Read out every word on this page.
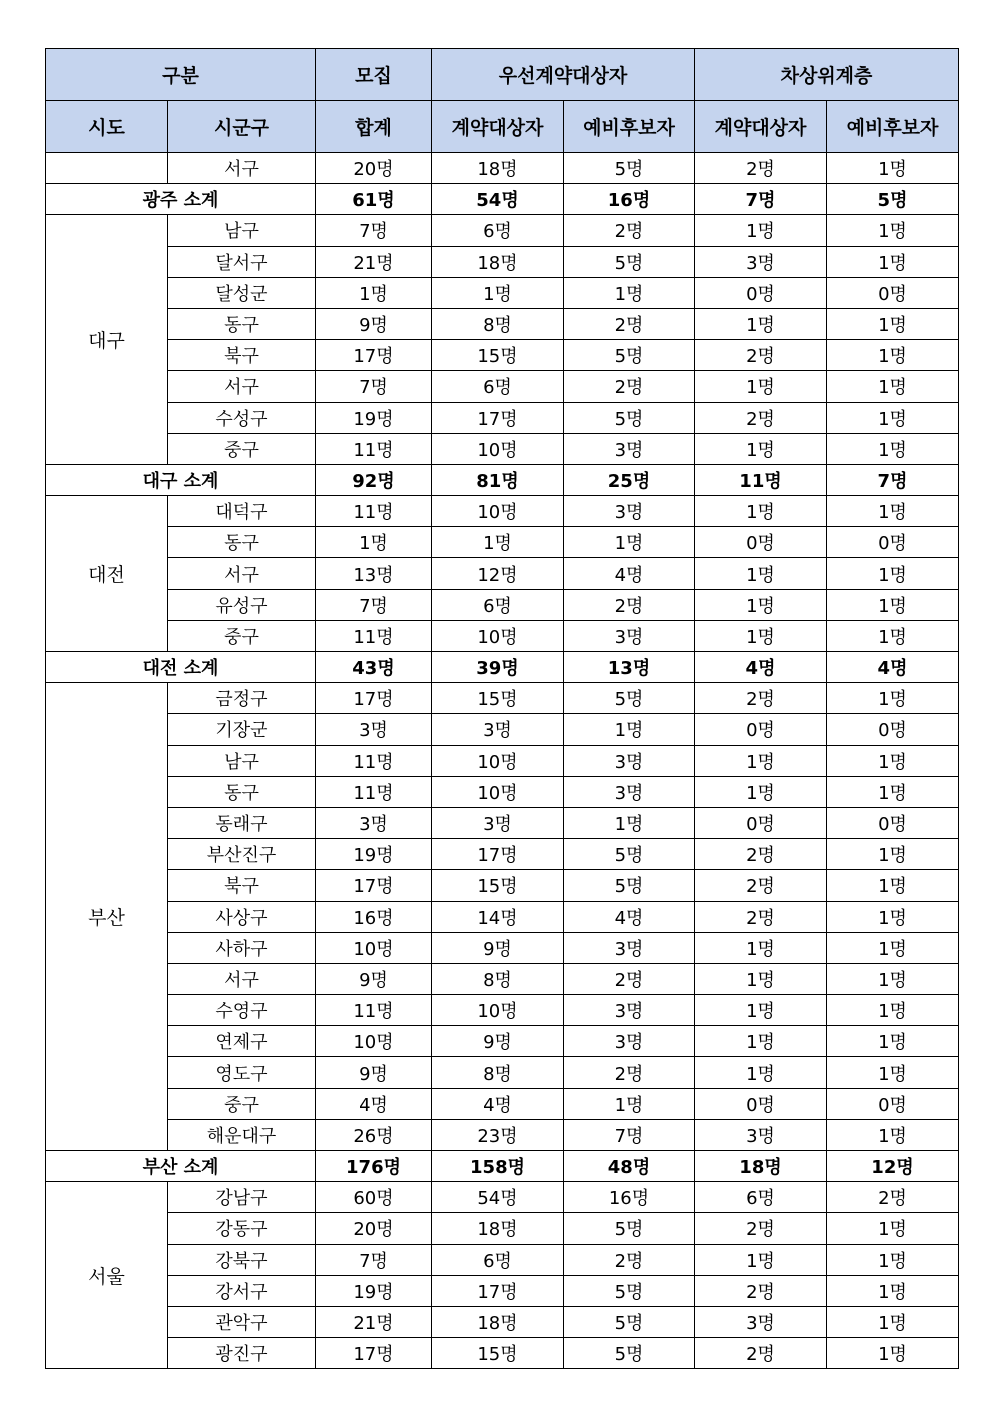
구분		모집	우선계약대상자		차상위계층	
시도	시군구	합계	계약대상자	예비후보자	계약대상자	예비후보자
	서구	20명	18명	5명	2명	1명
광주 소계		61명	54명	16명	7명	5명
대구	남구	7명	6명	2명	1명	1명
	달서구	21명	18명	5명	3명	1명
	달성군	1명	1명	1명	0명	0명
	동구	9명	8명	2명	1명	1명
	북구	17명	15명	5명	2명	1명
	서구	7명	6명	2명	1명	1명
	수성구	19명	17명	5명	2명	1명
	중구	11명	10명	3명	1명	1명
대구 소계		92명	81명	25명	11명	7명
대전	대덕구	11명	10명	3명	1명	1명
	동구	1명	1명	1명	0명	0명
	서구	13명	12명	4명	1명	1명
	유성구	7명	6명	2명	1명	1명
	중구	11명	10명	3명	1명	1명
대전 소계		43명	39명	13명	4명	4명
부산	금정구	17명	15명	5명	2명	1명
	기장군	3명	3명	1명	0명	0명
	남구	11명	10명	3명	1명	1명
	동구	11명	10명	3명	1명	1명
	동래구	3명	3명	1명	0명	0명
	부산진구	19명	17명	5명	2명	1명
	북구	17명	15명	5명	2명	1명
	사상구	16명	14명	4명	2명	1명
	사하구	10명	9명	3명	1명	1명
	서구	9명	8명	2명	1명	1명
	수영구	11명	10명	3명	1명	1명
	연제구	10명	9명	3명	1명	1명
	영도구	9명	8명	2명	1명	1명
	중구	4명	4명	1명	0명	0명
	해운대구	26명	23명	7명	3명	1명
부산 소계		176명	158명	48명	18명	12명
서울	강남구	60명	54명	16명	6명	2명
	강동구	20명	18명	5명	2명	1명
	강북구	7명	6명	2명	1명	1명
	강서구	19명	17명	5명	2명	1명
	관악구	21명	18명	5명	3명	1명
	광진구	17명	15명	5명	2명	1명
